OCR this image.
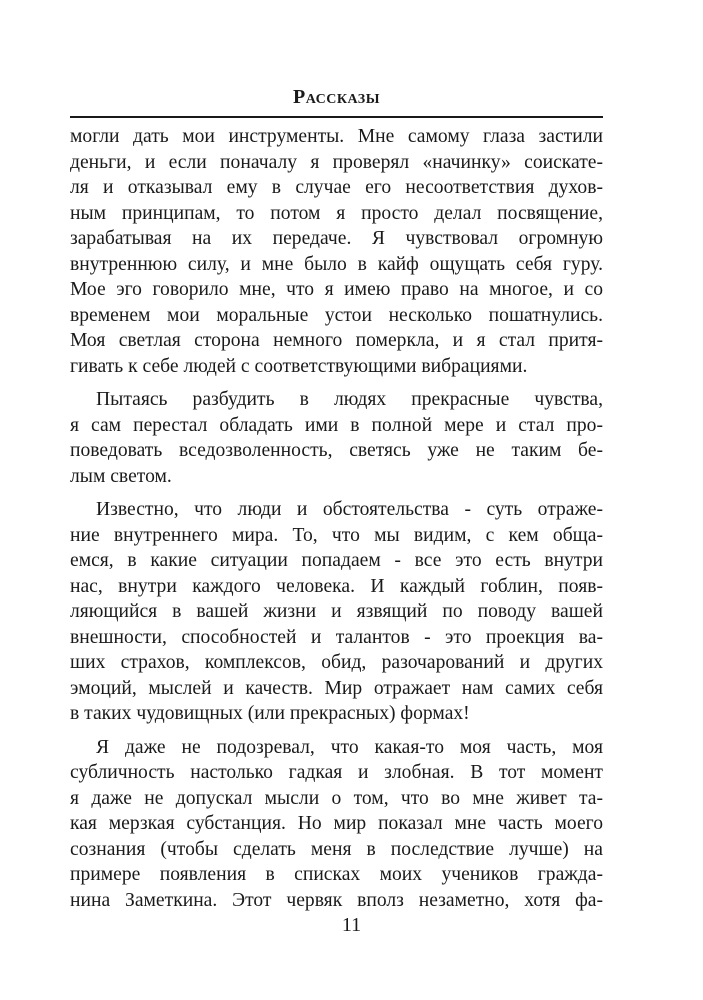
Рассказы
могли дать мои инструменты. Мне самому глаза застили
деньги, и если поначалу я проверял «начинку» соискате-
ля и отказывал ему в случае его несоответствия духов-
ным принципам, то потом я просто делал посвящение,
зарабатывая на их передаче. Я чувствовал огромную
внутреннюю силу, и мне было в кайф ощущать себя гуру.
Мое эго говорило мне, что я имею право на многое, и со
временем мои моральные устои несколько пошатнулись.
Моя светлая сторона немного померкла, и я стал притя-
гивать к себе людей с соответствующими вибрациями.
Пытаясь разбудить в людях прекрасные чувства,
я сам перестал обладать ими в полной мере и стал про-
поведовать вседозволенность, светясь уже не таким бе-
лым светом.
Известно, что люди и обстоятельства - суть отраже-
ние внутреннего мира. То, что мы видим, с кем обща-
емся, в какие ситуации попадаем - все это есть внутри
нас, внутри каждого человека. И каждый гоблин, появ-
ляющийся в вашей жизни и язвящий по поводу вашей
внешности, способностей и талантов - это проекция ва-
ших страхов, комплексов, обид, разочарований и других
эмоций, мыслей и качеств. Мир отражает нам самих себя
в таких чудовищных (или прекрасных) формах!
Я даже не подозревал, что какая-то моя часть, моя
субличность настолько гадкая и злобная. В тот момент
я даже не допускал мысли о том, что во мне живет та-
кая мерзкая субстанция. Но мир показал мне часть моего
сознания (чтобы сделать меня в последствие лучше) на
примере появления в списках моих учеников гражда-
нина Заметкина. Этот червяк вполз незаметно, хотя фа-
11
